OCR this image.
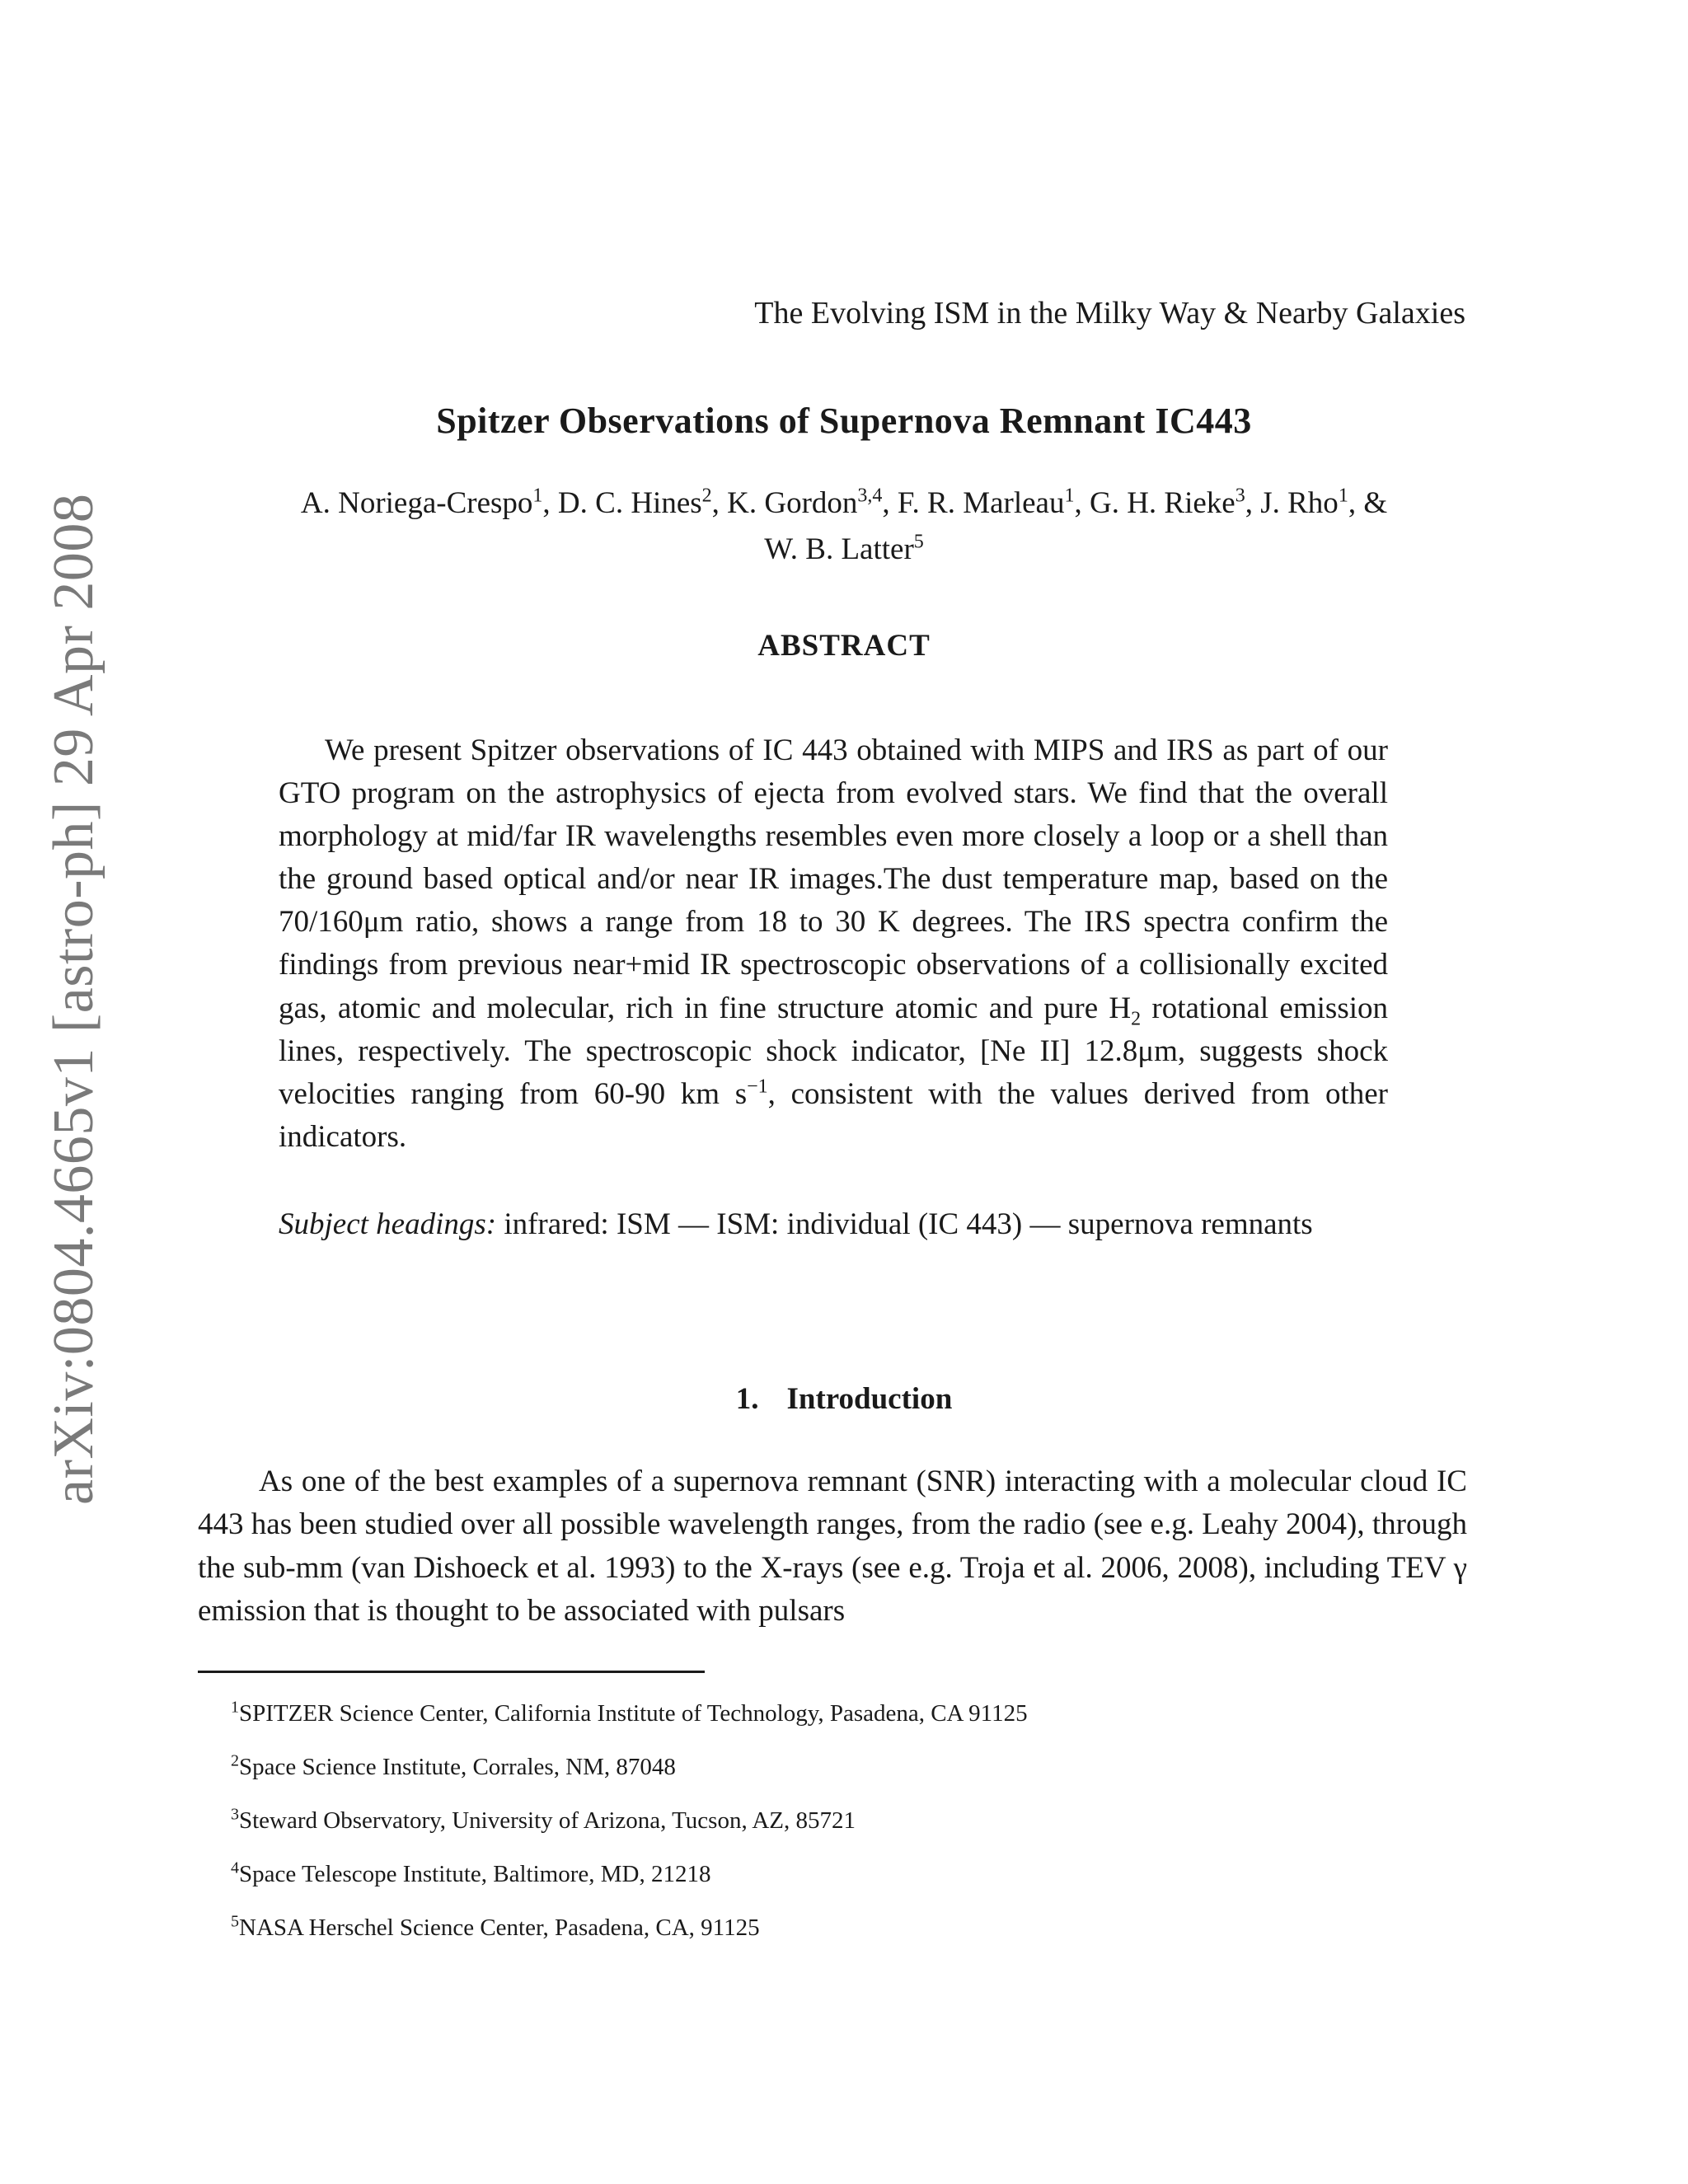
arXiv:0804.4665v1 [astro-ph] 29 Apr 2008
The Evolving ISM in the Milky Way & Nearby Galaxies
Spitzer Observations of Supernova Remnant IC443
A. Noriega-Crespo$^1$, D. C. Hines$^2$, K. Gordon$^{3,4}$, F. R. Marleau$^1$, G. H. Rieke$^3$, J. Rho$^1$, &
W. B. Latter$^5$
ABSTRACT

We present Spitzer observations of IC 443 obtained with MIPS and IRS as part of our GTO program on the astrophysics of ejecta from evolved stars. We find that the overall morphology at mid/far IR wavelengths resembles even more closely a loop or a shell than the ground based optical and/or near IR images.The dust temperature map, based on the 70/160μm ratio, shows a range from 18 to 30 K degrees. The IRS spectra confirm the findings from previous near+mid IR spectroscopic observations of a collisionally excited gas, atomic and molecular, rich in fine structure atomic and pure $H_2$ rotational emission lines, respectively. The spectroscopic shock indicator, [Ne II] 12.8μm, suggests shock velocities ranging from 60-90 km $s^{-1}$, consistent with the values derived from other indicators.

Subject headings: infrared: ISM — ISM: individual (IC 443) — supernova remnants

1. Introduction

As one of the best examples of a supernova remnant (SNR) interacting with a molecular cloud IC 443 has been studied over all possible wavelength ranges, from the radio (see e.g. Leahy 2004), through the sub-mm (van Dishoeck et al. 1993) to the X-rays (see e.g. Troja et al. 2006, 2008), including TEV γ emission that is thought to be associated with pulsars

$^1$SPITZER Science Center, California Institute of Technology, Pasadena, CA 91125
$^2$Space Science Institute, Corrales, NM, 87048
$^3$Steward Observatory, University of Arizona, Tucson, AZ, 85721
$^4$Space Telescope Institute, Baltimore, MD, 21218
$^5$NASA Herschel Science Center, Pasadena, CA, 91125
